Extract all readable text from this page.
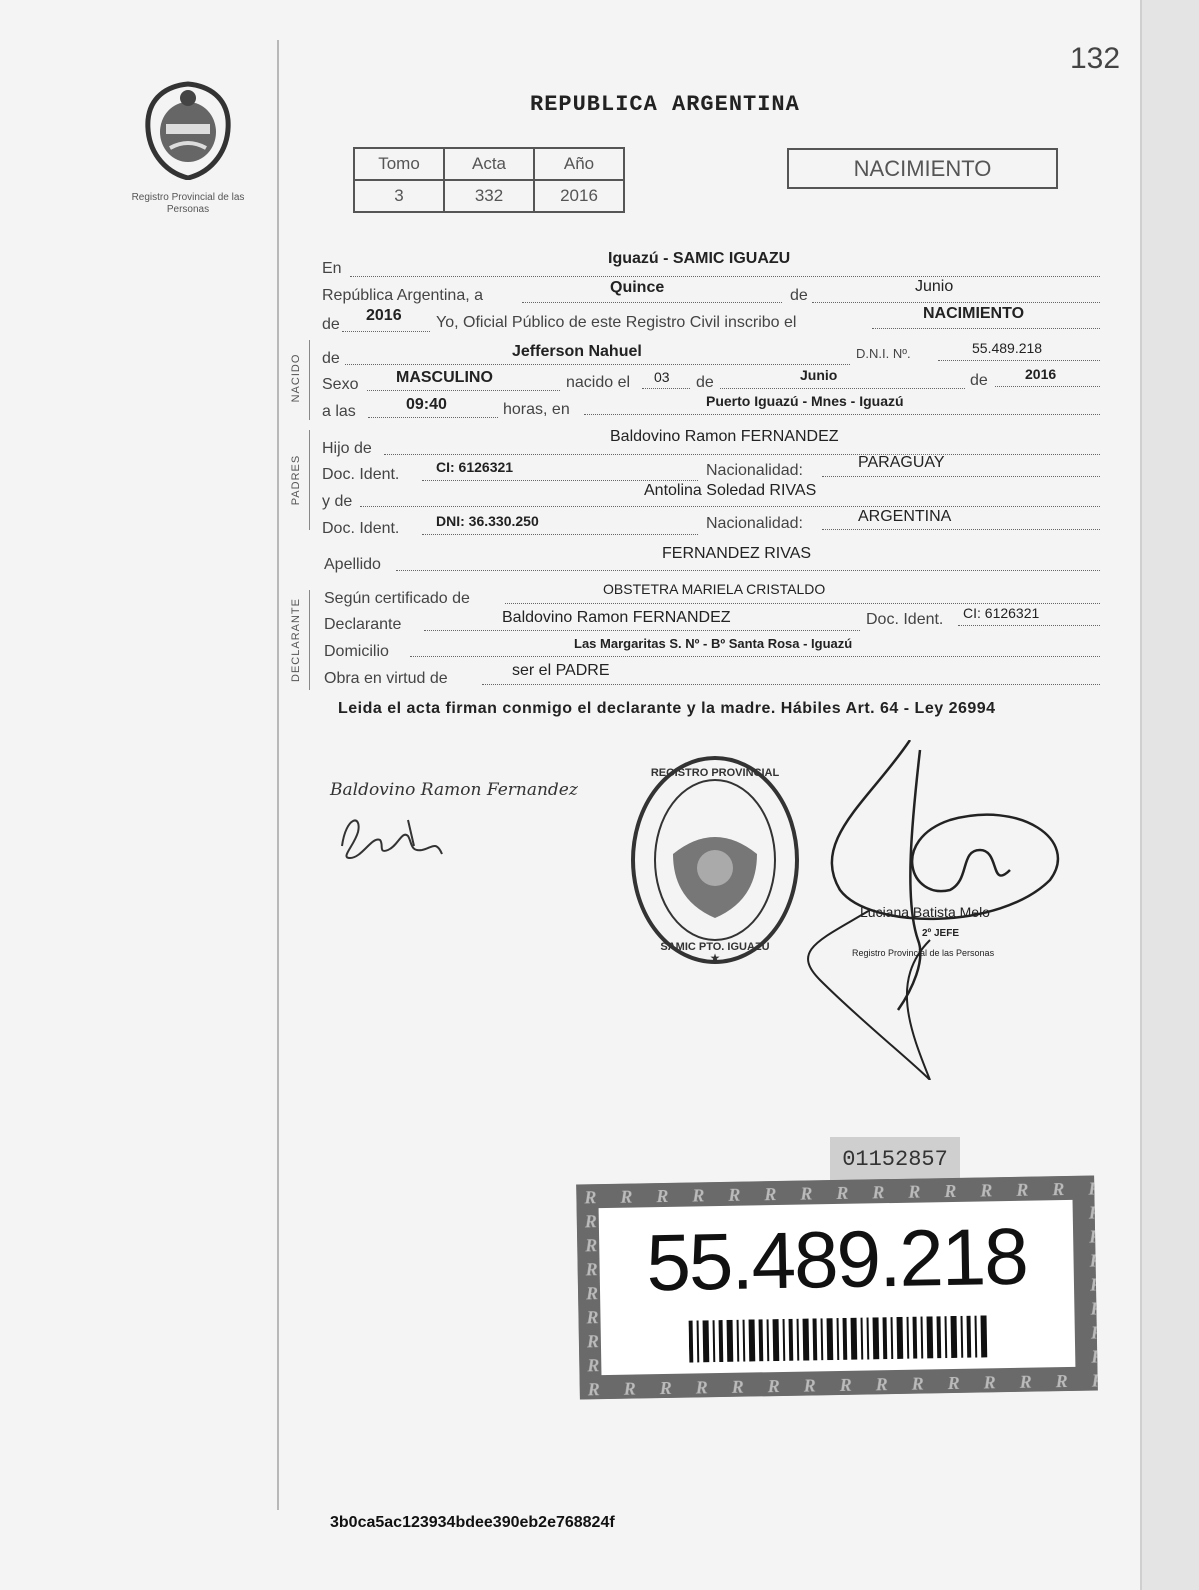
132
Registro Provincial de las Personas
REPUBLICA ARGENTINA
Tomo	Acta	Año
3	332	2016
NACIMIENTO
NACIDO
PADRES
DECLARANTE
En
Iguazú - SAMIC IGUAZU
República Argentina, a	Quince	de
Junio
de
2016 Yo, Oficial Público de este Registro Civil inscribo el
NACIMIENTO
de	Jefferson Nahuel	D.N.I. Nº.	55.489.218
Sexo MASCULINO	nacido el 03 de	Junio	de	2016
a las	09:40	horas, en	Puerto Iguazú - Mnes - Iguazú
Hijo de
Baldovino Ramon FERNANDEZ
Doc. Ident.	CI: 6126321	Nacionalidad:	PARAGUAY
y de
Antolina Soledad RIVAS
Doc. Ident.	DNI: 36.330.250	Nacionalidad:	ARGENTINA
Apellido
FERNANDEZ RIVAS
Según certificado de
OBSTETRA MARIELA CRISTALDO
Declarante	Baldovino Ramon FERNANDEZ	Doc. Ident. CI: 6126321
Domicilio	Las Margaritas S. Nº - Bº Santa Rosa - Iguazú
Obra en virtud de	ser el PADRE
Leida el acta firman conmigo el declarante y la madre. Hábiles Art. 64 - Ley 26994
Baldovino Ramon Fernandez
REGISTRO PROVINCIAL
SAMIC PTO. IGUAZU
★
Luciana Batista Melo
2º JEFE
Registro Provincial de las Personas
01152857
55.489.218
3b0ca5ac123934bdee390eb2e768824f
